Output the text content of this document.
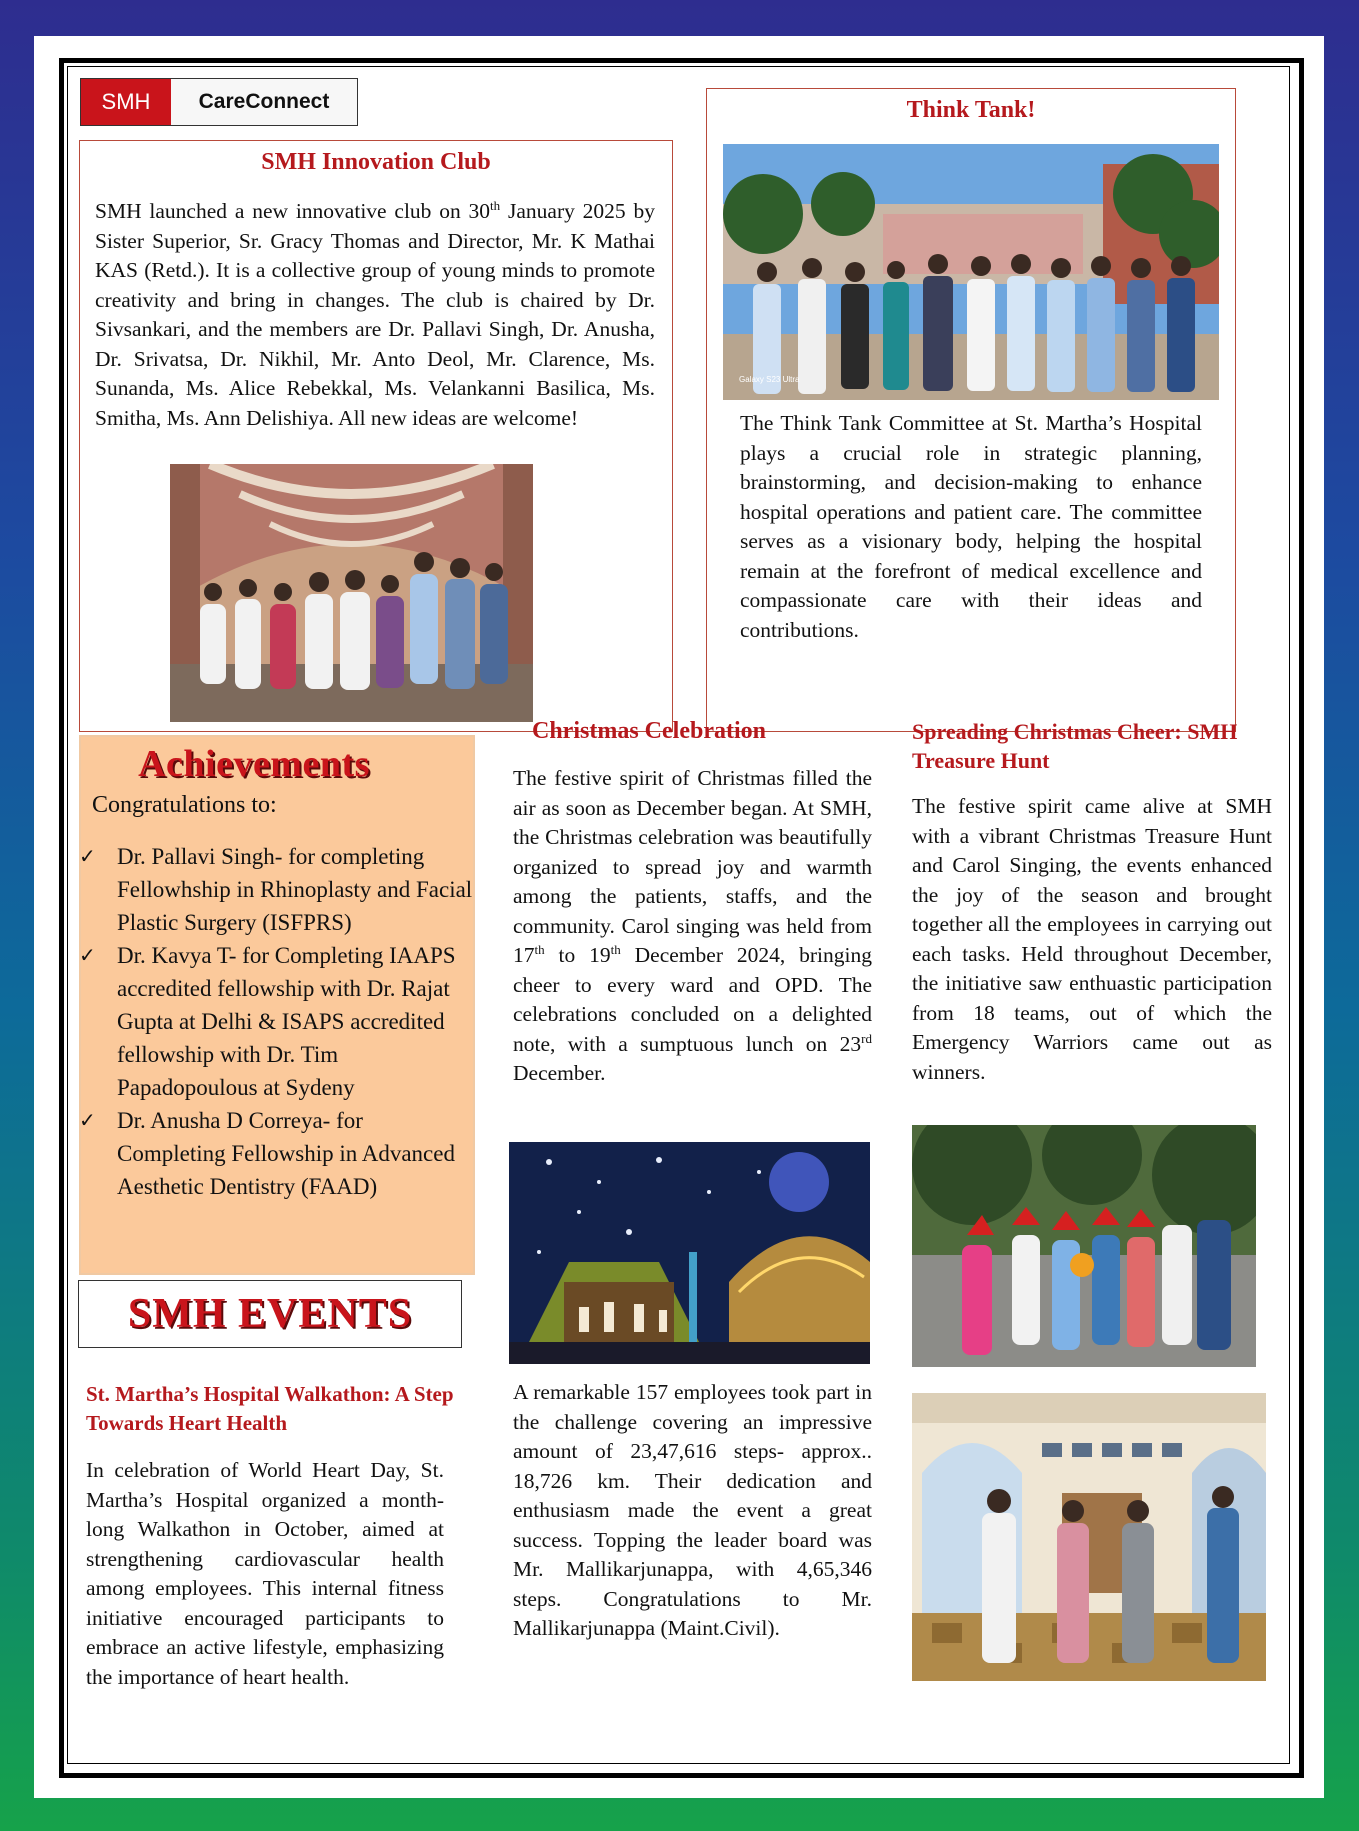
SMH	CareConnect
SMH Innovation Club
SMH launched a new innovative club on 30th January 2025 by Sister Superior, Sr. Gracy Thomas and Director, Mr. K Mathai KAS (Retd.). It is a collective group of young minds to promote creativity and bring in changes. The club is chaired by Dr. Sivsankari, and the members are Dr. Pallavi Singh, Dr. Anusha, Dr. Srivatsa, Dr. Nikhil, Mr. Anto Deol, Mr. Clarence, Ms. Sunanda, Ms. Alice Rebekkal, Ms. Velankanni Basilica, Ms. Smitha, Ms. Ann Delishiya. All new ideas are welcome!
Think Tank!
Galaxy S23 Ultra
The Think Tank Committee at St. Martha’s Hospital plays a crucial role in strategic planning, brainstorming, and decision-making to enhance hospital operations and patient care. The committee serves as a visionary body, helping the hospital remain at the forefront of medical excellence and compassionate care with their ideas and contributions.
Achievements
Congratulations to:
✓ Dr. Pallavi Singh- for completing Fellowhship in Rhinoplasty and Facial Plastic Surgery (ISFPRS)
✓ Dr. Kavya T- for Completing IAAPS accredited fellowship with Dr. Rajat Gupta at Delhi & ISAPS accredited fellowship with Dr. Tim Papadopoulous at Sydeny
✓ Dr. Anusha D Correya- for Completing Fellowship in Advanced Aesthetic Dentistry (FAAD)
SMH EVENTS
St. Martha’s Hospital Walkathon: A Step Towards Heart Health
In celebration of World Heart Day, St. Martha’s Hospital organized a month-long Walkathon in October, aimed at strengthening cardiovascular health among employees. This internal fitness initiative encouraged participants to embrace an active lifestyle, emphasizing the importance of heart health.
Christmas Celebration
The festive spirit of Christmas filled the air as soon as December began. At SMH, the Christmas celebration was beautifully organized to spread joy and warmth among the patients, staffs, and the community. Carol singing was held from 17th to 19th December 2024, bringing cheer to every ward and OPD. The celebrations concluded on a delighted note, with a sumptuous lunch on 23rd December.
A remarkable 157 employees took part in the challenge covering an impressive amount of 23,47,616 steps- approx.. 18,726 km. Their dedication and enthusiasm made the event a great success. Topping the leader board was Mr. Mallikarjunappa, with 4,65,346 steps. Congratulations to Mr. Mallikarjunappa (Maint.Civil).
Spreading Christmas Cheer: SMH Treasure Hunt
The festive spirit came alive at SMH with a vibrant Christmas Treasure Hunt and Carol Singing, the events enhanced the joy of the season and brought together all the employees in carrying out each tasks. Held throughout December, the initiative saw enthuastic participation from 18 teams, out of which the Emergency Warriors came out as winners.
